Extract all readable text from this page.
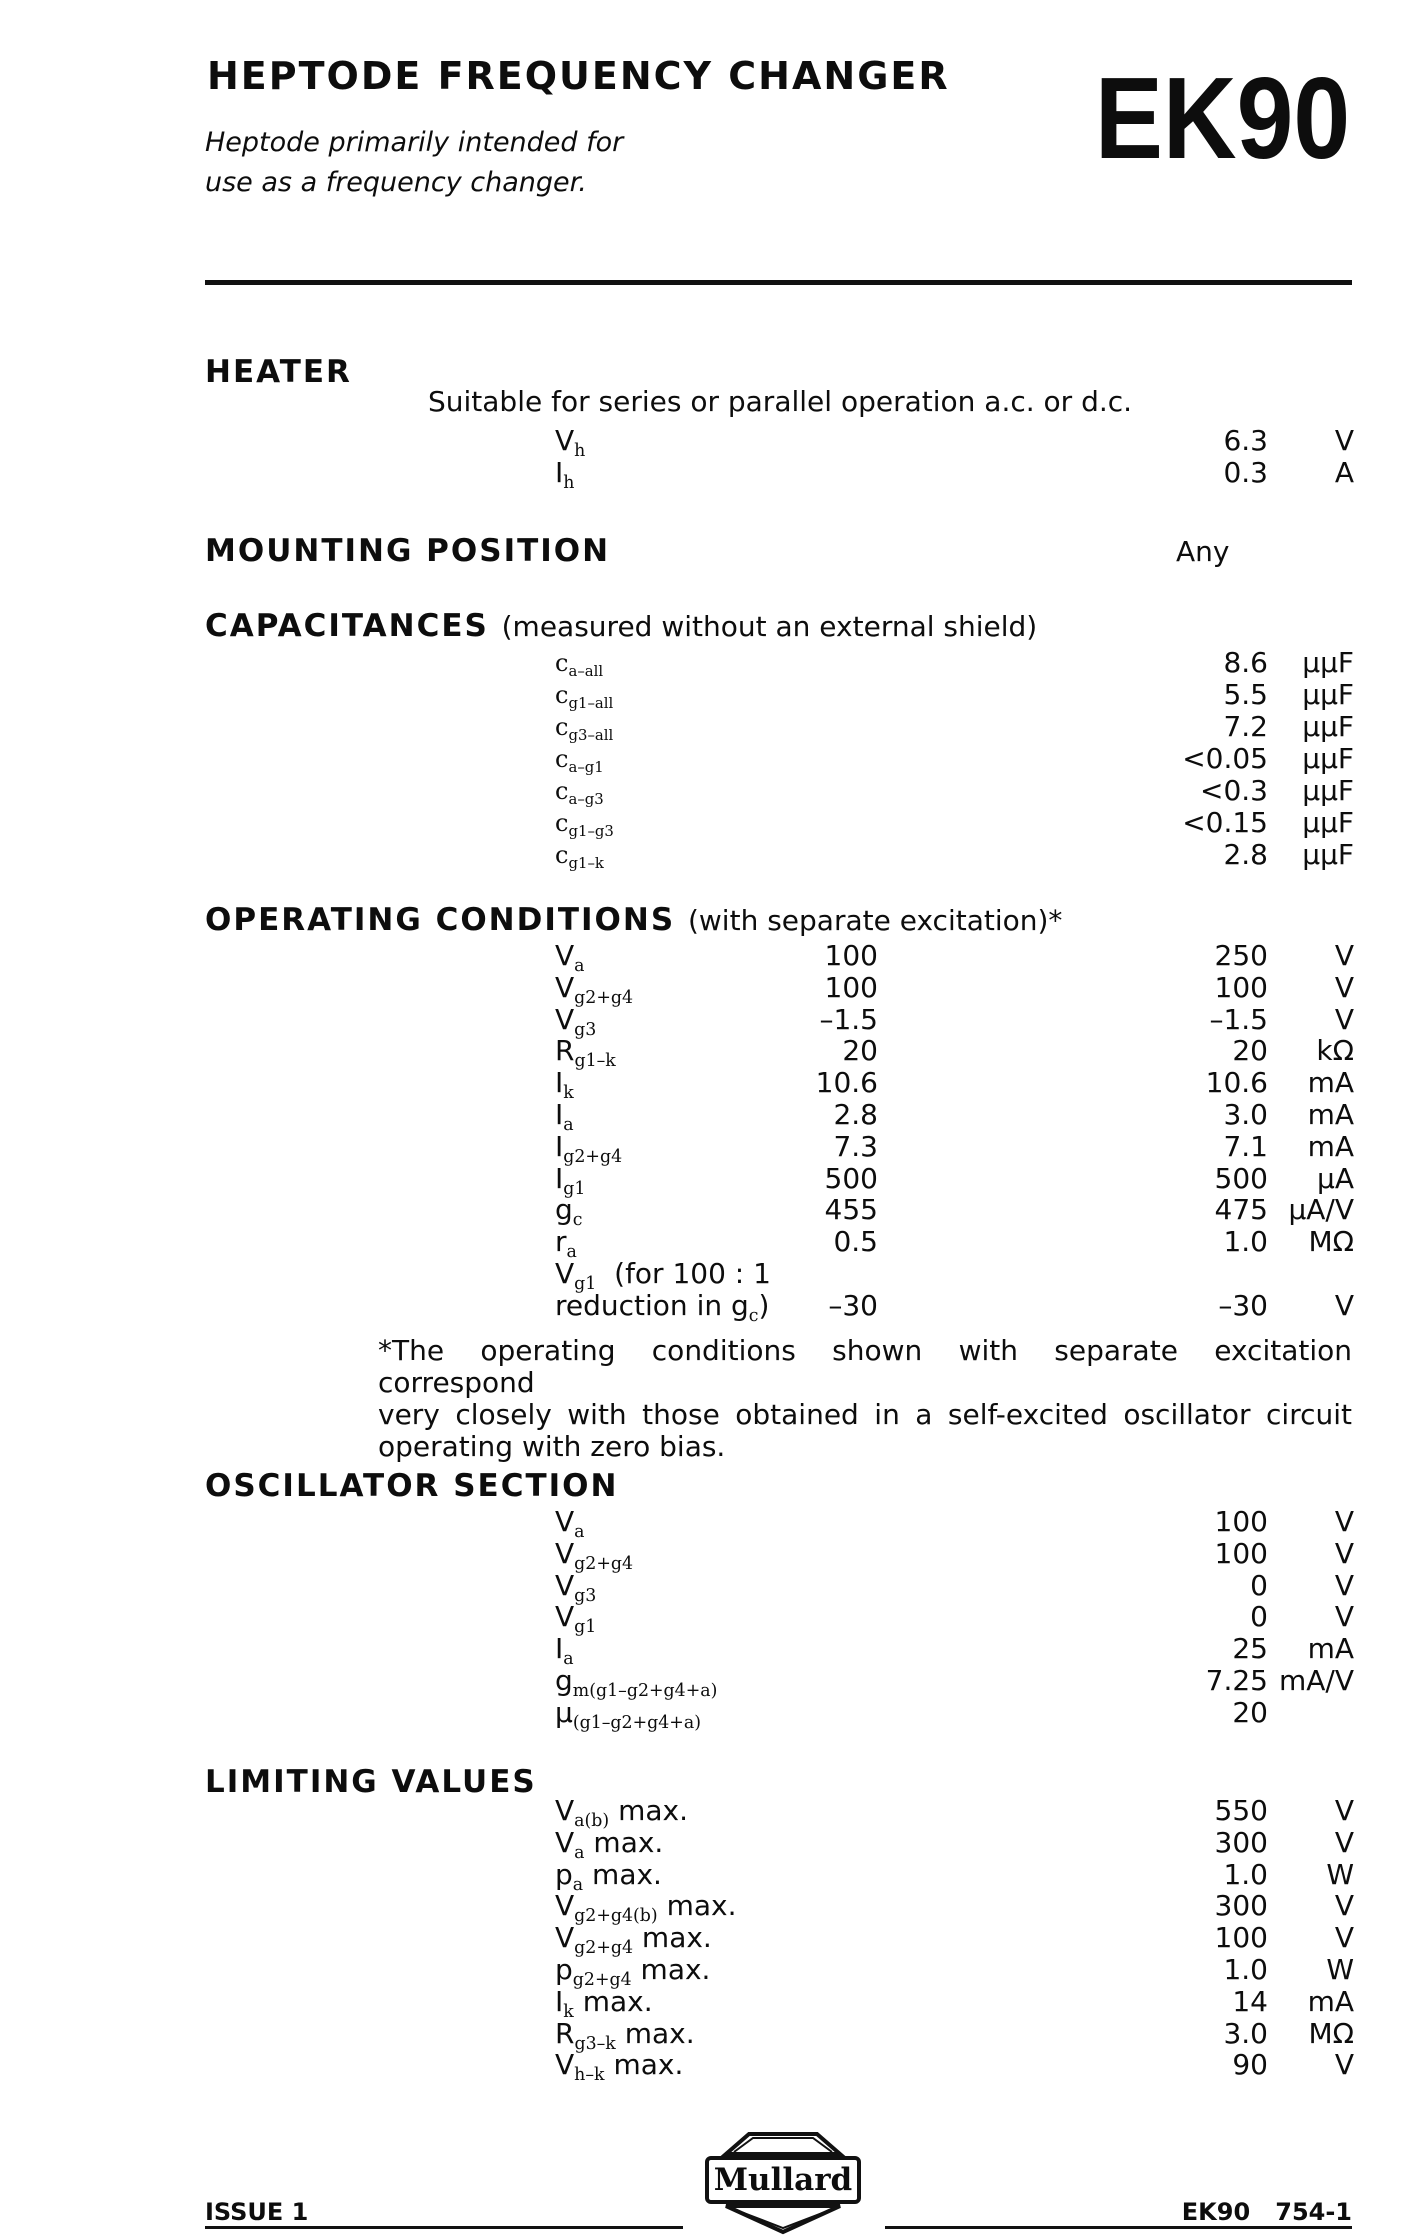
HEPTODE FREQUENCY CHANGER
Heptode primarily intended for
use as a frequency changer.	EK90
HEATER
Suitable for series or parallel operation a.c. or d.c.
$V_h$	6.3 V
$I_h$	0.3 A
MOUNTING POSITION	Any
CAPACITANCES (measured without an external shield)
$c_{a-all}$	8.6 μμF
$c_{g1-all}$	5.5 μμF
$c_{g3-all}$	7.2 μμF
$c_{a-g1}$	<0.05 μμF
$c_{a-g3}$	<0.3 μμF
$c_{g1-g3}$	<0.15 μμF
$c_{g1-k}$	2.8 μμF
OPERATING CONDITIONS (with separate excitation)*
$V_a$	100	250 V
$V_{g2+g4}$	100	100 V
$V_{g3}$	–1.5	–1.5 V
$R_{g1-k}$	20	20 kΩ
$I_k$	10.6	10.6 mA
$I_a$	2.8	3.0 mA
$I_{g2+g4}$	7.3	7.1 mA
$I_{g1}$	500	500 μA
$g_c$	455	475 μA/V
$r_a$	0.5	1.0 MΩ
$V_{g1}$ (for 100 : 1
reduction in $g_c$) –30	–30 V
*The operating conditions shown with separate excitation correspond
very closely with those obtained in a self-excited oscillator circuit
operating with zero bias.
OSCILLATOR SECTION
$V_a$	100 V
$V_{g2+g4}$	100 V
$V_{g3}$	0 V
$V_{g1}$	0 V
$I_a$	25 mA
$g_{m(g1-g2+g4+a)}$	7.25 mA/V
$\mu_{(g1-g2+g4+a)}$	20
LIMITING VALUES
$V_{a(b)}$ max.	550 V
$V_a$ max.	300 V
$p_a$ max.	1.0 W
$V_{g2+g4(b)}$ max.	300 V
$V_{g2+g4}$ max.	100 V
$p_{g2+g4}$ max.	1.0 W
$I_k$ max.	14 mA
$R_{g3-k}$ max.	3.0 MΩ
$V_{h-k}$ max.	90 V
ISSUE 1	EK90   754-1
Mullard
